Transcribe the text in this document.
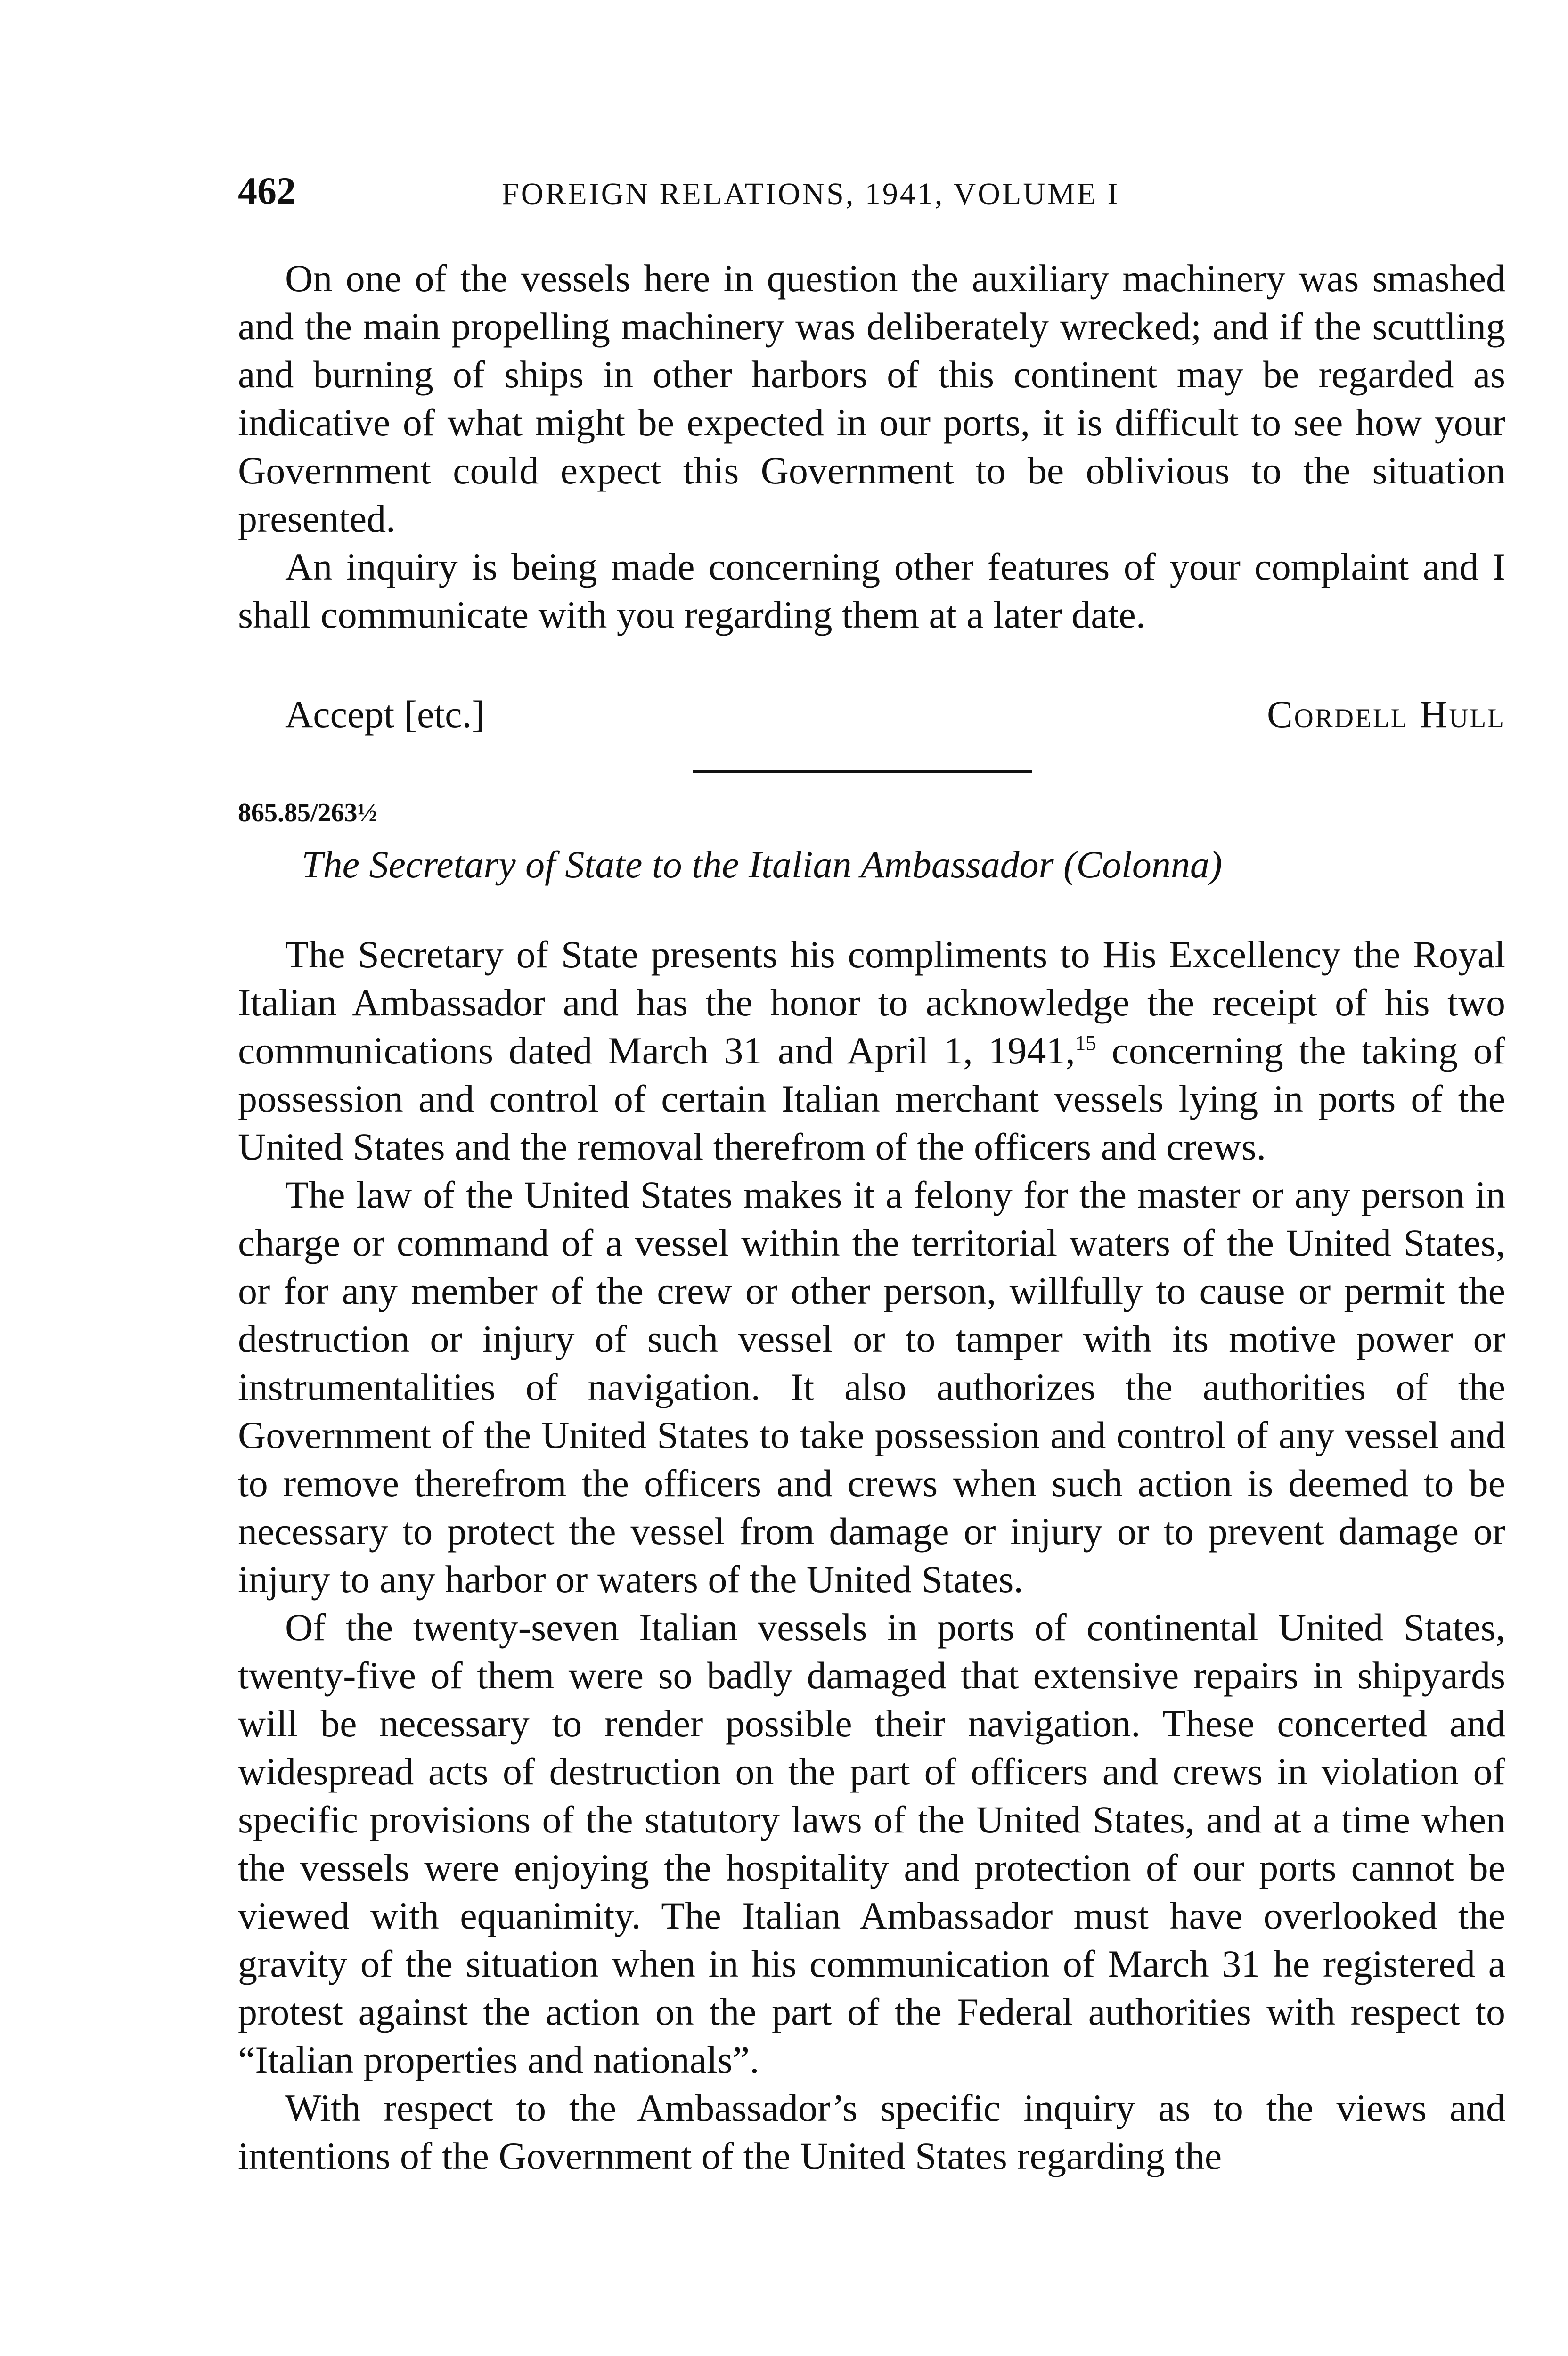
462	FOREIGN RELATIONS, 1941, VOLUME I

On one of the vessels here in question the auxiliary machinery was smashed and the main propelling machinery was deliberately wrecked; and if the scuttling and burning of ships in other harbors of this continent may be regarded as indicative of what might be expected in our ports, it is difficult to see how your Government could expect this Government to be oblivious to the situation presented.

An inquiry is being made concerning other features of your complaint and I shall communicate with you regarding them at a later date.

Accept [etc.]	Cordell Hull
865.85/263½
The Secretary of State to the Italian Ambassador (Colonna)

The Secretary of State presents his compliments to His Excellency the Royal Italian Ambassador and has the honor to acknowledge the receipt of his two communications dated March 31 and April 1, 1941,15 concerning the taking of possession and control of certain Italian merchant vessels lying in ports of the United States and the removal therefrom of the officers and crews.

The law of the United States makes it a felony for the master or any person in charge or command of a vessel within the territorial waters of the United States, or for any member of the crew or other person, willfully to cause or permit the destruction or injury of such vessel or to tamper with its motive power or instrumentalities of navigation. It also authorizes the authorities of the Government of the United States to take possession and control of any vessel and to remove therefrom the officers and crews when such action is deemed to be necessary to protect the vessel from damage or injury or to prevent damage or injury to any harbor or waters of the United States.

Of the twenty-seven Italian vessels in ports of continental United States, twenty-five of them were so badly damaged that extensive repairs in shipyards will be necessary to render possible their navigation. These concerted and widespread acts of destruction on the part of officers and crews in violation of specific provisions of the statutory laws of the United States, and at a time when the vessels were enjoying the hospitality and protection of our ports cannot be viewed with equanimity. The Italian Ambassador must have overlooked the gravity of the situation when in his communication of March 31 he registered a protest against the action on the part of the Federal authorities with respect to “Italian properties and nationals”.

With respect to the Ambassador’s specific inquiry as to the views and intentions of the Government of the United States regarding the
